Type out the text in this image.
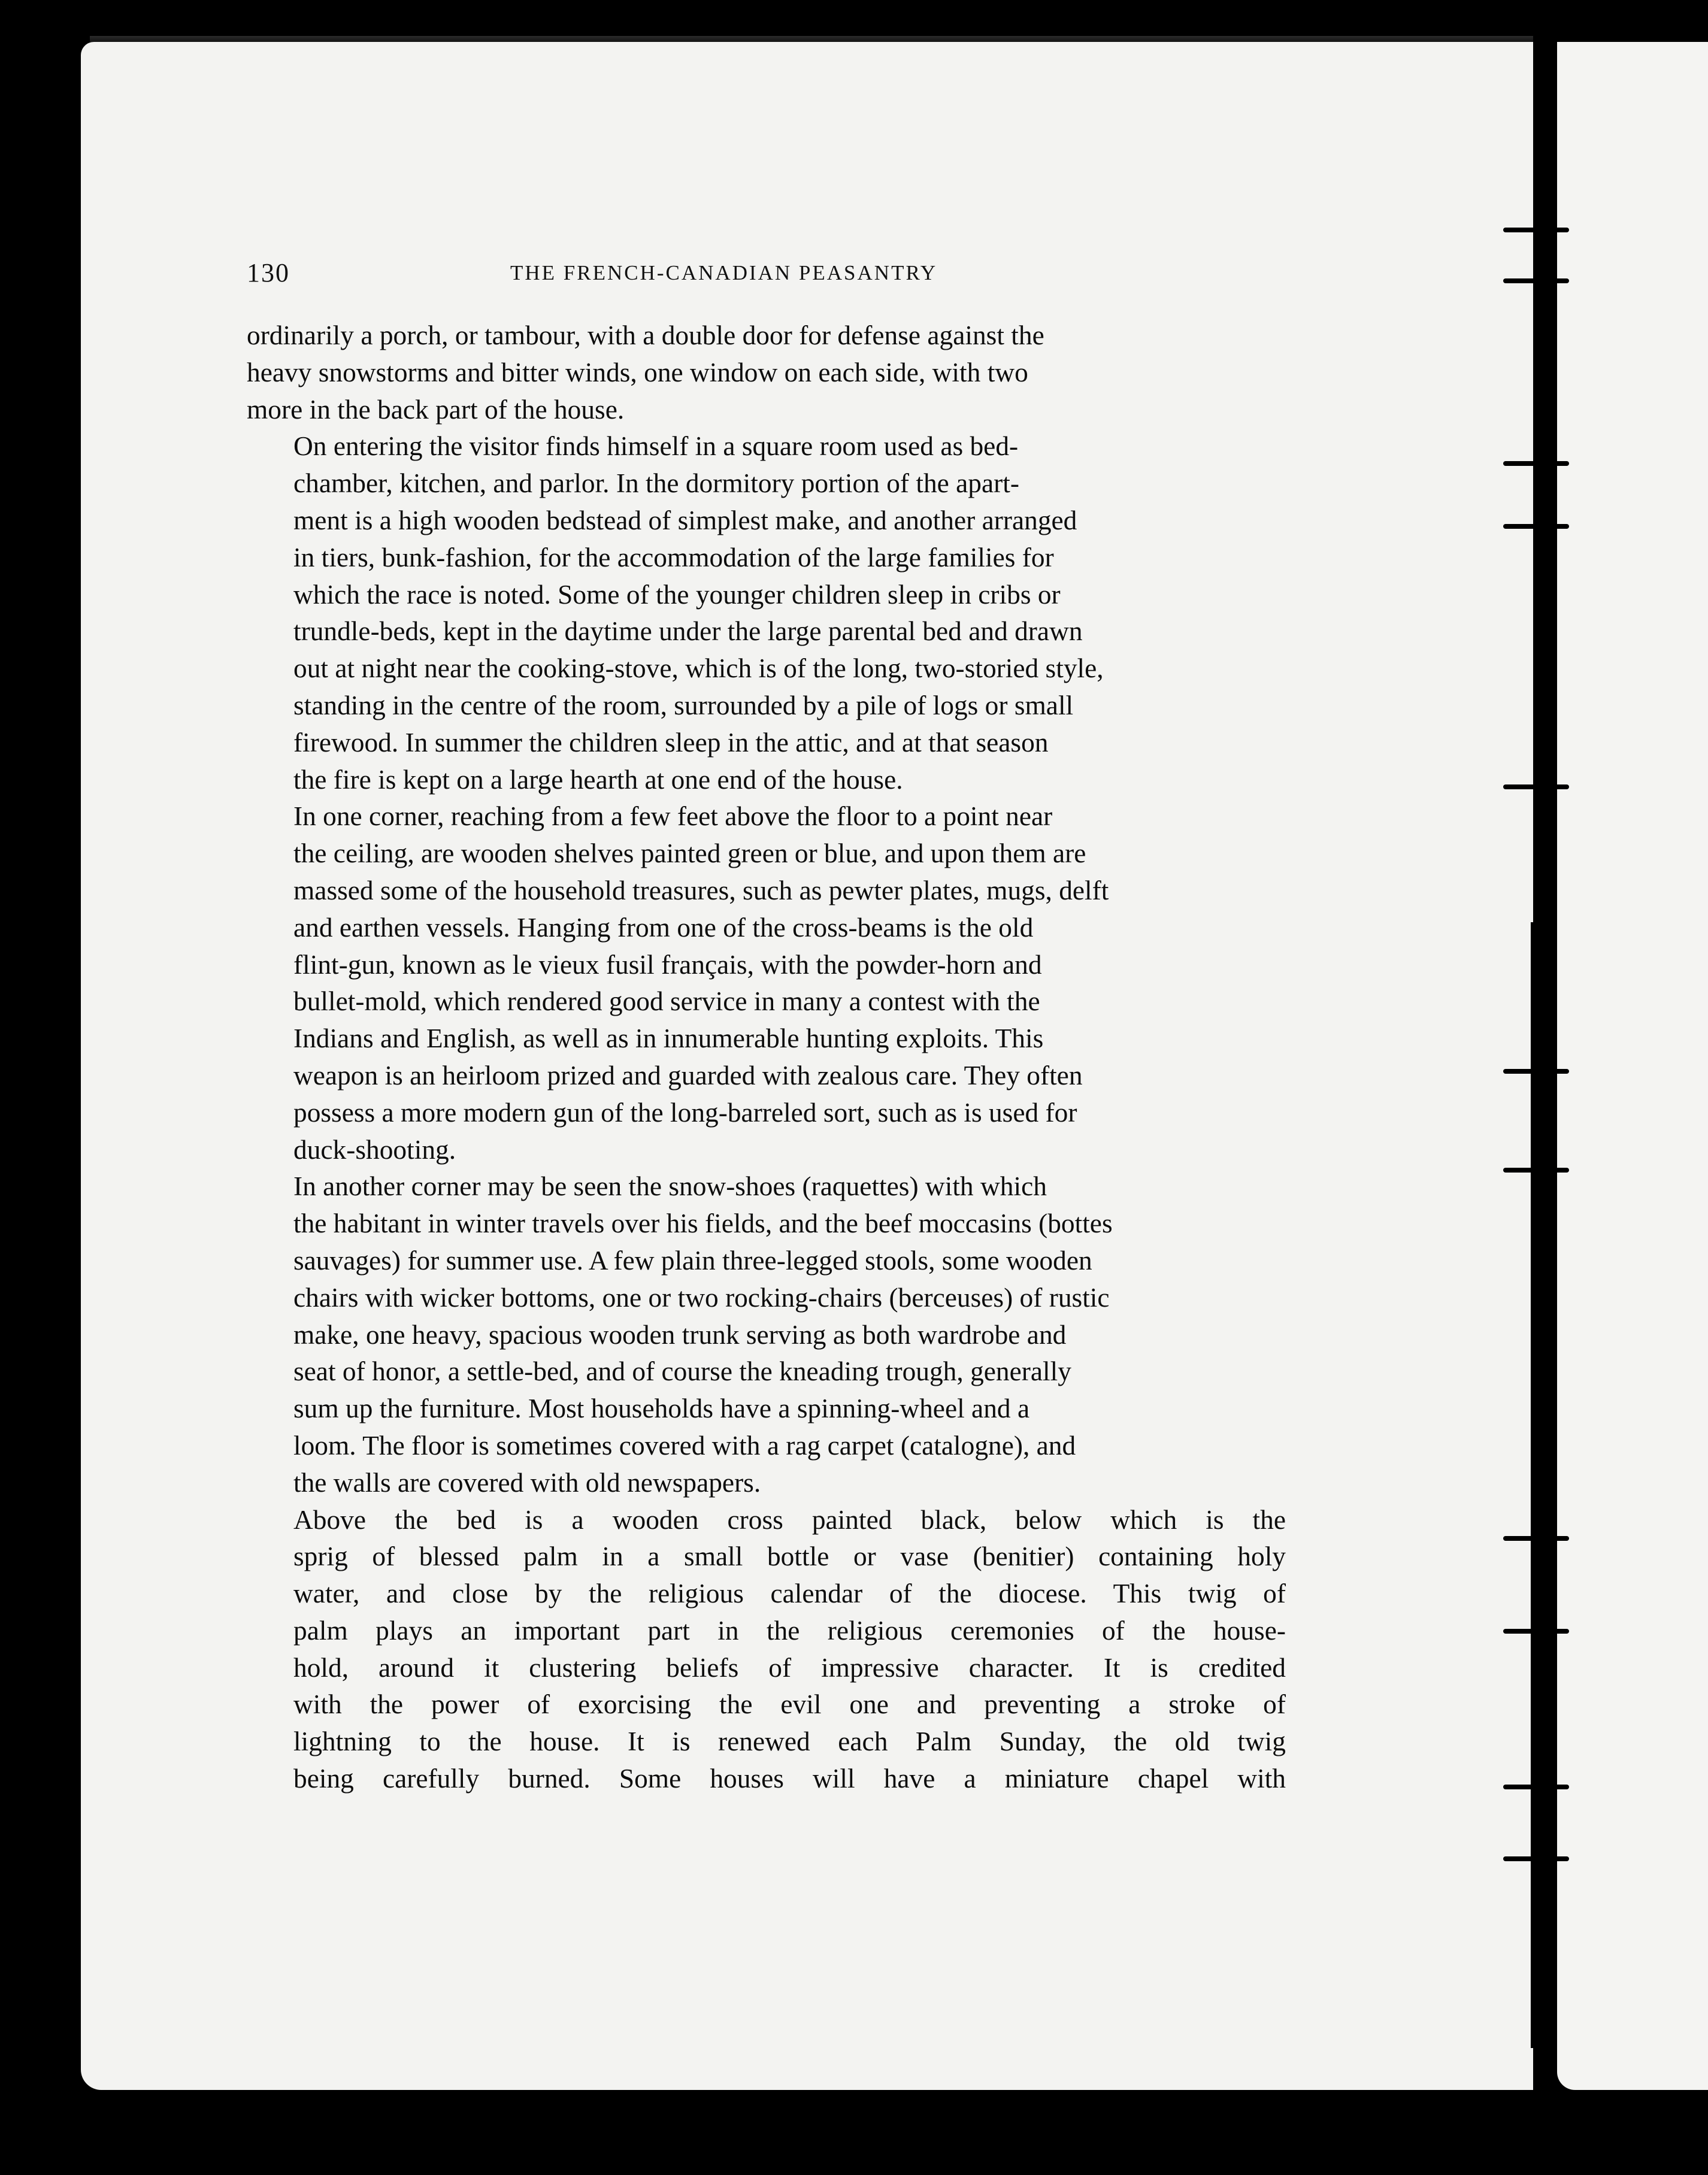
130	THE FRENCH-CANADIAN PEASANTRY

ordinarily a porch, or tambour, with a double door for defense against the
heavy snowstorms and bitter winds, one window on each side, with two
more in the back part of the house.

On entering the visitor finds himself in a square room used as bed-
chamber, kitchen, and parlor. In the dormitory portion of the apart-
ment is a high wooden bedstead of simplest make, and another arranged
in tiers, bunk-fashion, for the accommodation of the large families for
which the race is noted. Some of the younger children sleep in cribs or
trundle-beds, kept in the daytime under the large parental bed and drawn
out at night near the cooking-stove, which is of the long, two-storied style,
standing in the centre of the room, surrounded by a pile of logs or small
firewood. In summer the children sleep in the attic, and at that season
the fire is kept on a large hearth at one end of the house.

In one corner, reaching from a few feet above the floor to a point near
the ceiling, are wooden shelves painted green or blue, and upon them are
massed some of the household treasures, such as pewter plates, mugs, delft
and earthen vessels. Hanging from one of the cross-beams is the old
flint-gun, known as le vieux fusil français, with the powder-horn and
bullet-mold, which rendered good service in many a contest with the
Indians and English, as well as in innumerable hunting exploits. This
weapon is an heirloom prized and guarded with zealous care. They often
possess a more modern gun of the long-barreled sort, such as is used for
duck-shooting.

In another corner may be seen the snow-shoes (raquettes) with which
the habitant in winter travels over his fields, and the beef moccasins (bottes
sauvages) for summer use. A few plain three-legged stools, some wooden
chairs with wicker bottoms, one or two rocking-chairs (berceuses) of rustic
make, one heavy, spacious wooden trunk serving as both wardrobe and
seat of honor, a settle-bed, and of course the kneading trough, generally
sum up the furniture. Most households have a spinning-wheel and a
loom. The floor is sometimes covered with a rag carpet (catalogne), and
the walls are covered with old newspapers.

Above the bed is a wooden cross painted black, below which is the
sprig of blessed palm in a small bottle or vase (benitier) containing holy
water, and close by the religious calendar of the diocese. This twig of
palm plays an important part in the religious ceremonies of the house-
hold, around it clustering beliefs of impressive character. It is credited
with the power of exorcising the evil one and preventing a stroke of
lightning to the house. It is renewed each Palm Sunday, the old twig
being carefully burned. Some houses will have a miniature chapel with
